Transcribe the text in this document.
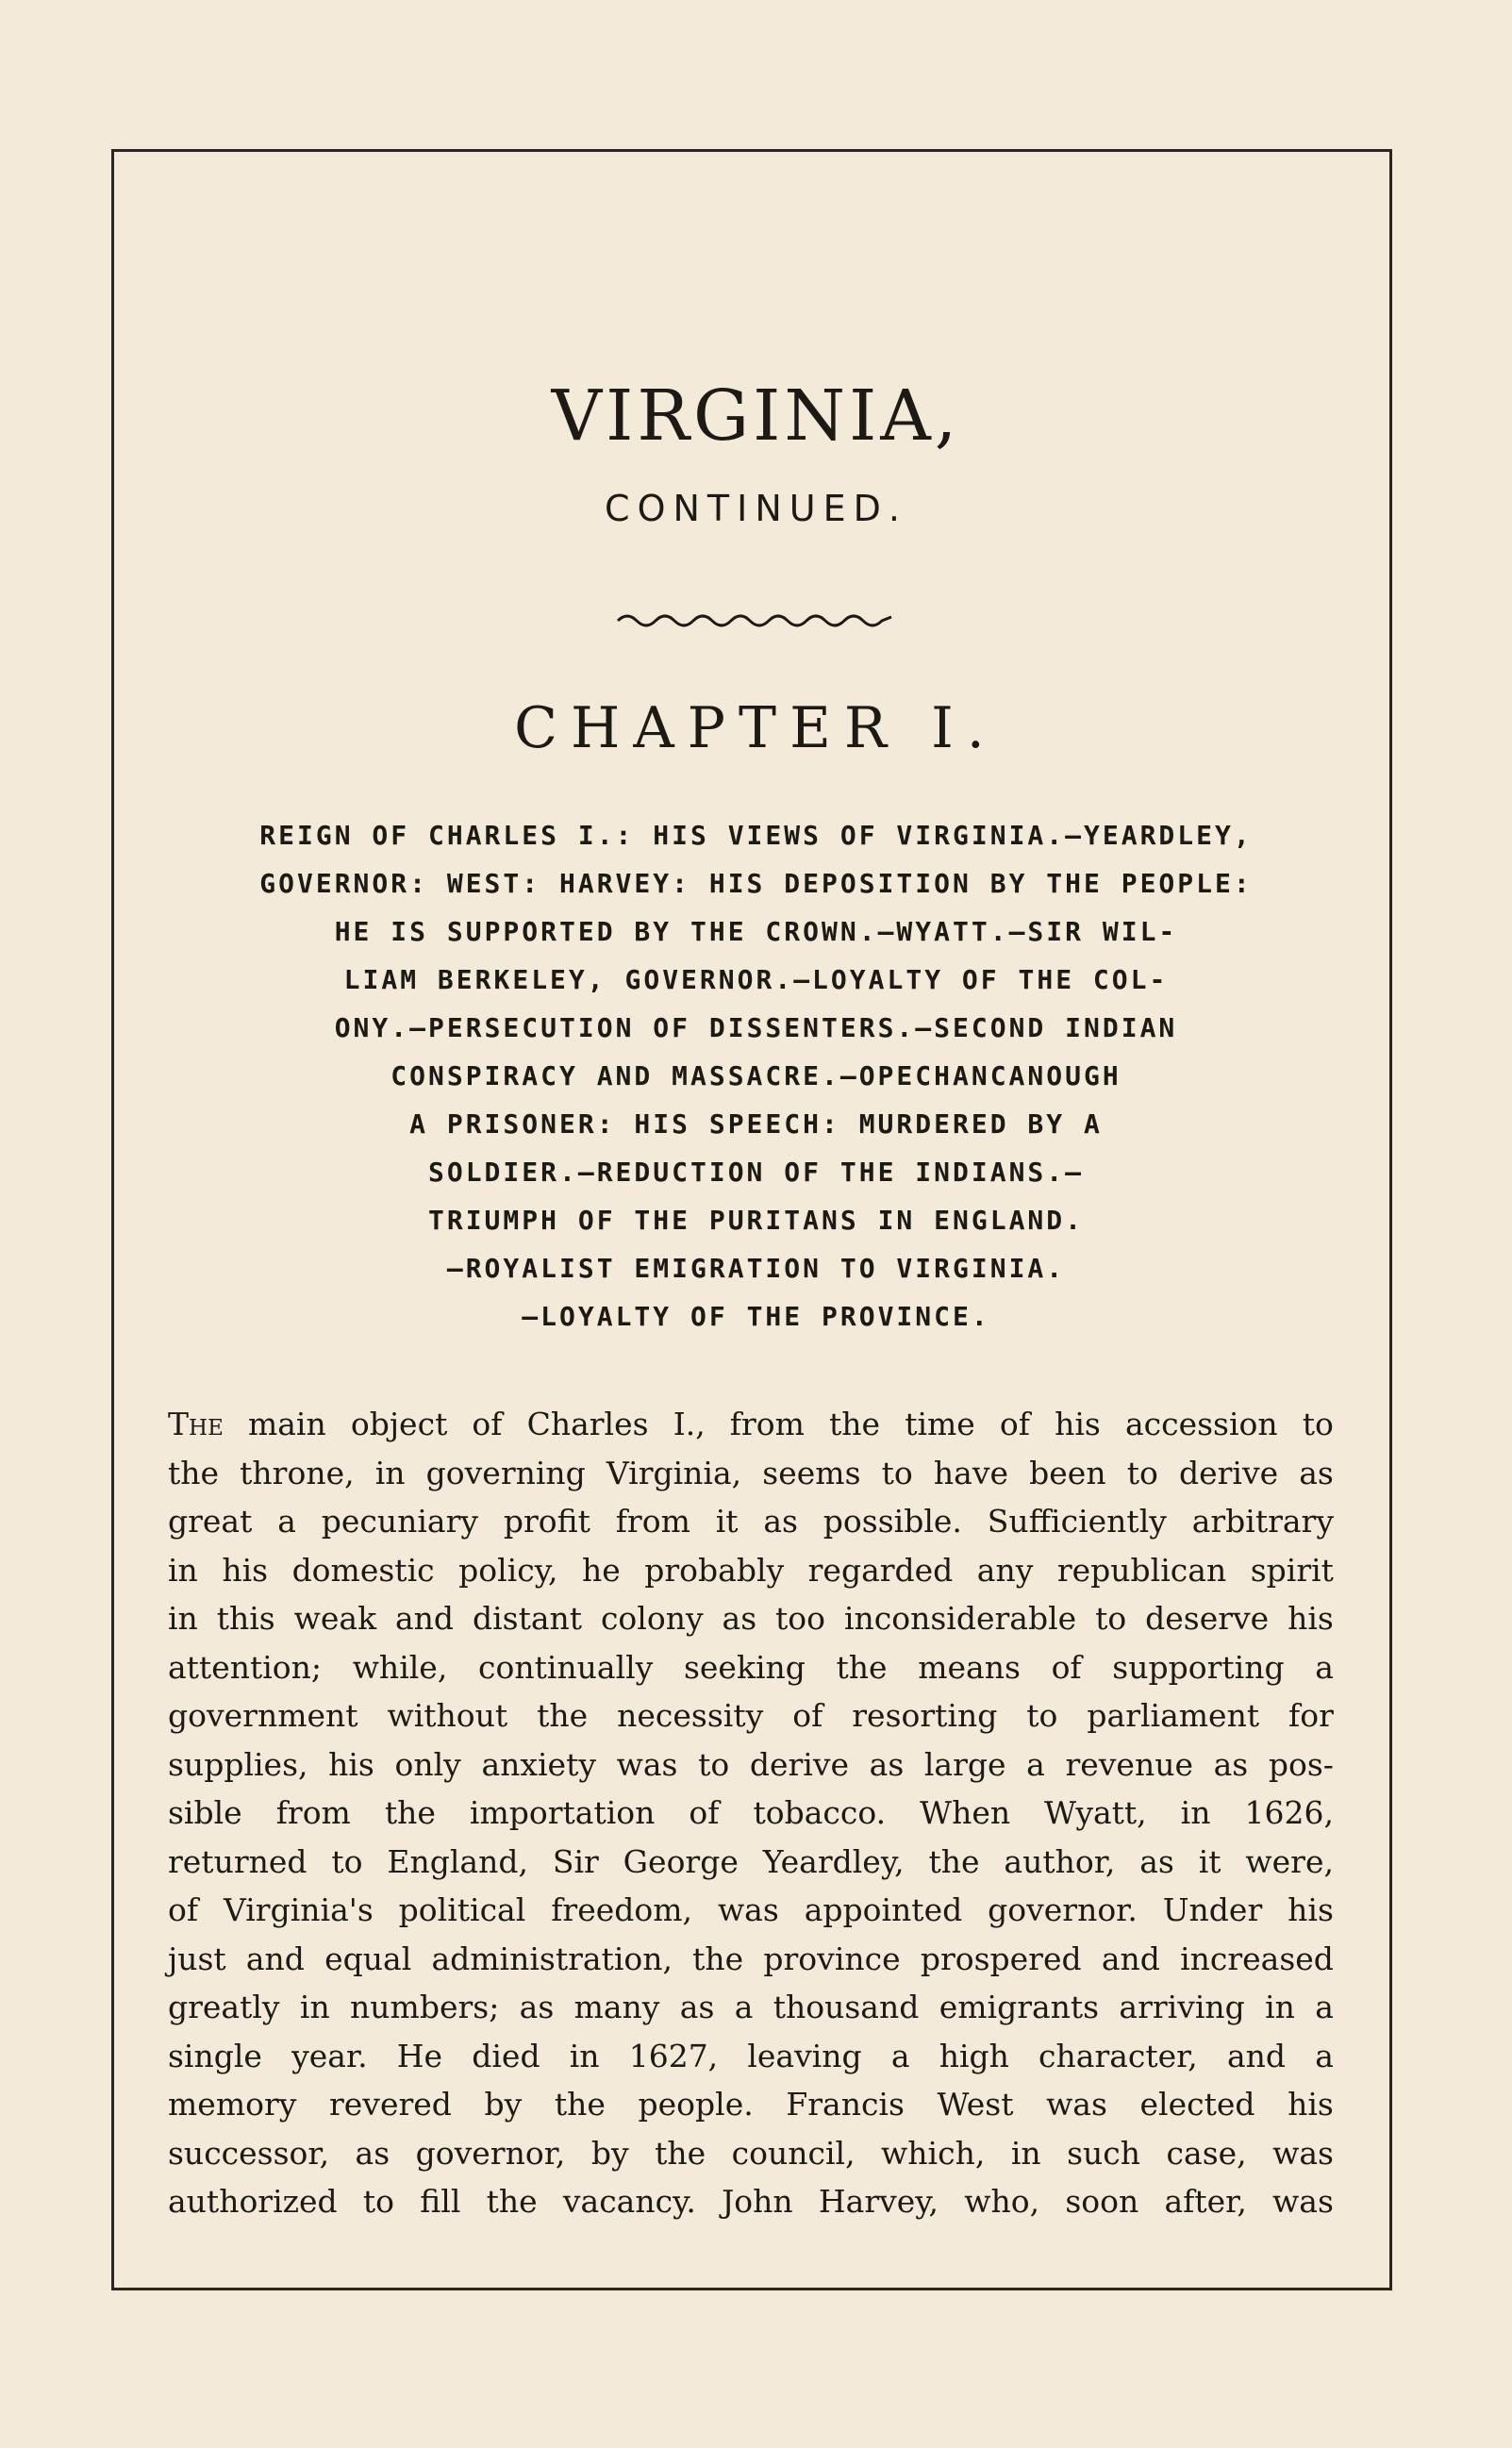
VIRGINIA,
CONTINUED.
CHAPTER I.
REIGN OF CHARLES I.: HIS VIEWS OF VIRGINIA.—YEARDLEY,
GOVERNOR: WEST: HARVEY: HIS DEPOSITION BY THE PEOPLE:
HE IS SUPPORTED BY THE CROWN.—WYATT.—SIR WIL-
LIAM BERKELEY, GOVERNOR.—LOYALTY OF THE COL-
ONY.—PERSECUTION OF DISSENTERS.—SECOND INDIAN
CONSPIRACY AND MASSACRE.—OPECHANCANOUGH
A PRISONER: HIS SPEECH: MURDERED BY A
SOLDIER.—REDUCTION OF THE INDIANS.—
TRIUMPH OF THE PURITANS IN ENGLAND.
—ROYALIST EMIGRATION TO VIRGINIA.
—LOYALTY OF THE PROVINCE.
The main object of Charles I., from the time of his accession to
the throne, in governing Virginia, seems to have been to derive as
great a pecuniary profit from it as possible. Sufficiently arbitrary
in his domestic policy, he probably regarded any republican spirit
in this weak and distant colony as too inconsiderable to deserve his
attention; while, continually seeking the means of supporting a
government without the necessity of resorting to parliament for
supplies, his only anxiety was to derive as large a revenue as pos-
sible from the importation of tobacco. When Wyatt, in 1626,
returned to England, Sir George Yeardley, the author, as it were,
of Virginia's political freedom, was appointed governor. Under his
just and equal administration, the province prospered and increased
greatly in numbers; as many as a thousand emigrants arriving in a
single year. He died in 1627, leaving a high character, and a
memory revered by the people. Francis West was elected his
successor, as governor, by the council, which, in such case, was
authorized to fill the vacancy. John Harvey, who, soon after, was
